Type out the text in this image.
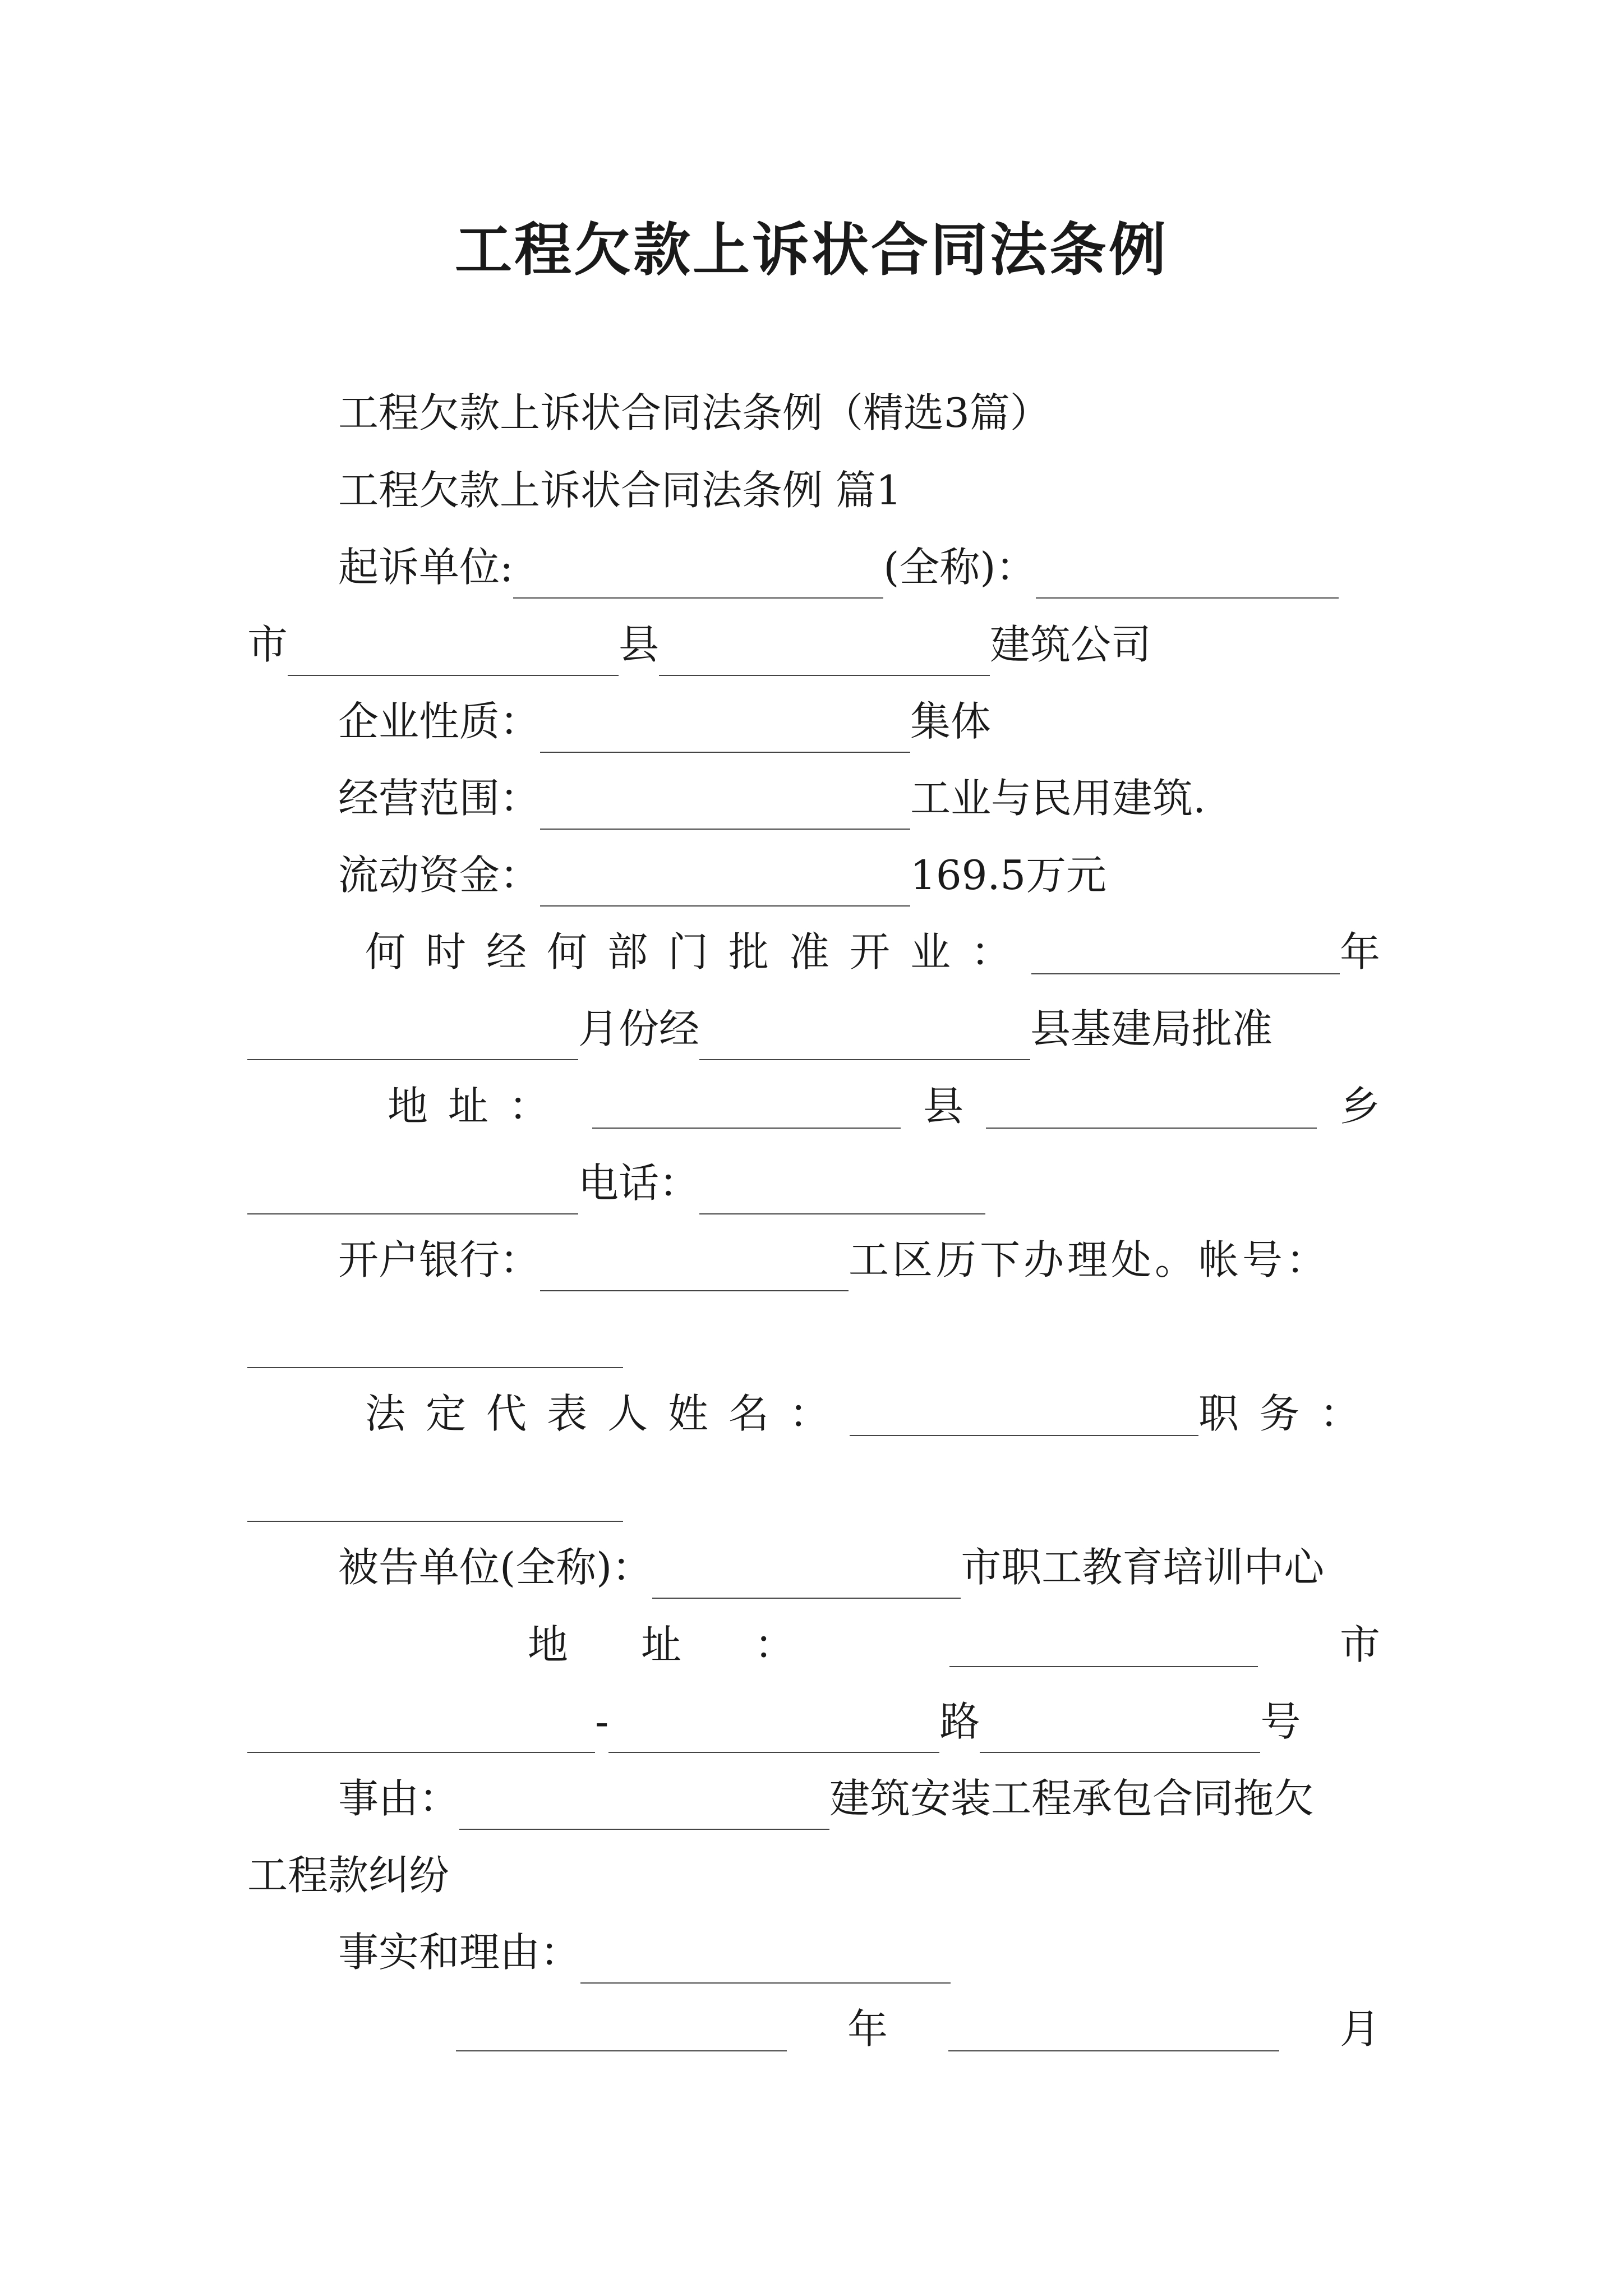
工程欠款上诉状合同法条例
工程欠款上诉状合同法条例（精选3篇）
工程欠款上诉状合同法条例 篇1
起诉单位:	(全称)：
市	县	建筑公司
企业性质：	集体
经营范围：	工业与民用建筑.
流动资金：	169.5万元
何时经何部门批准开业：	年
月份经	县基建局批准
地址：	县	乡
电话：
开户银行：	工区历下办理处。帐号：
法定代表人姓名：	职务：
被告单位(全称)：	市职工教育培训中心
地址：	市
-	路	号
事由：	建筑安装工程承包合同拖欠
工程款纠纷
事实和理由：
年	月
